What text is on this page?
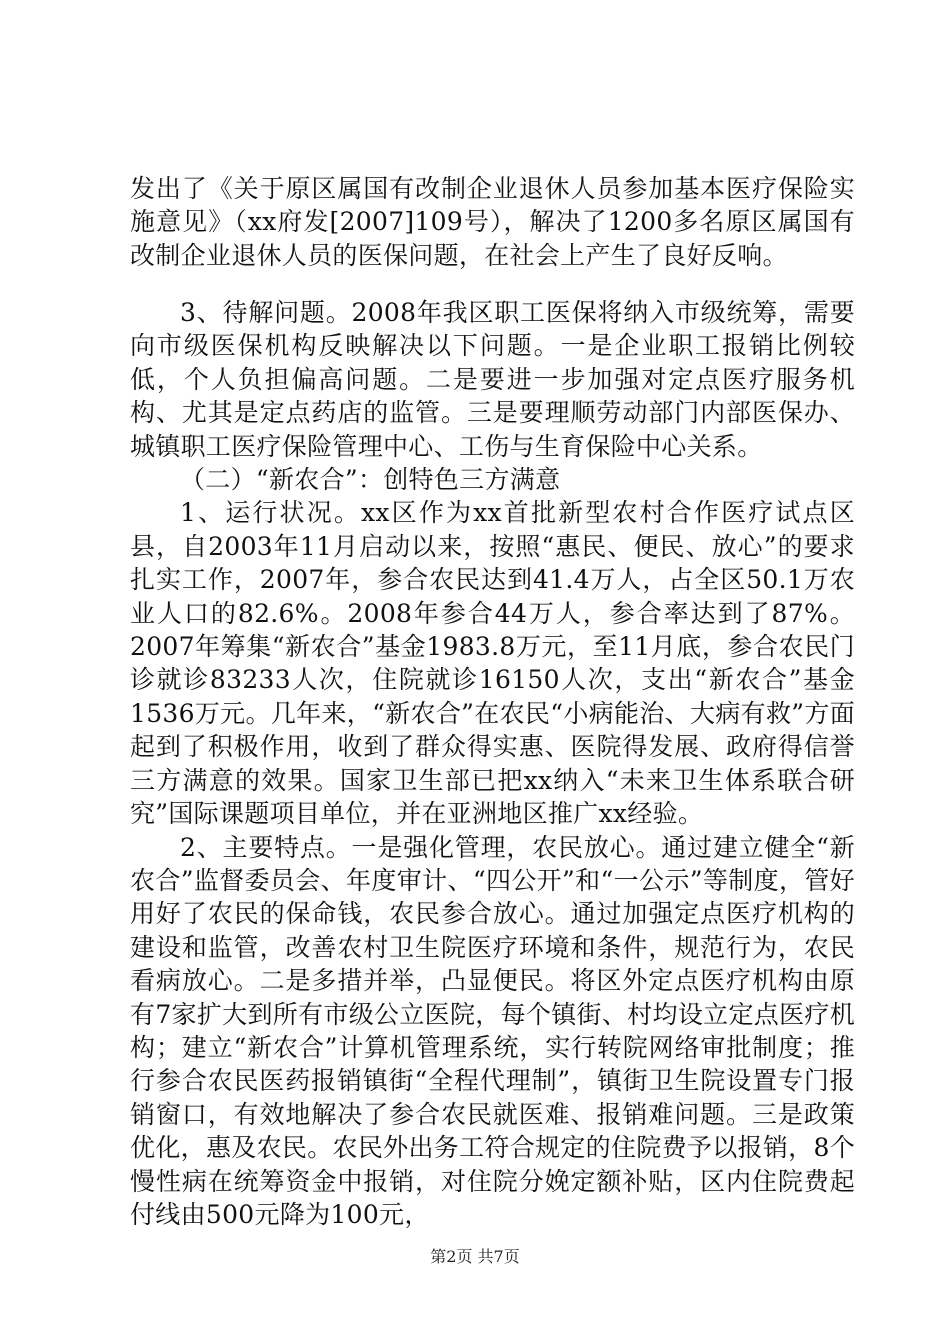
发出了《关于原区属国有改制企业退休人员参加基本医疗保险实施意见》（xx府发[2007]109号），解决了1200多名原区属国有改制企业退休人员的医保问题，在社会上产生了良好反响。

3、待解问题。2008年我区职工医保将纳入市级统筹，需要向市级医保机构反映解决以下问题。一是企业职工报销比例较低，个人负担偏高问题。二是要进一步加强对定点医疗服务机构、尤其是定点药店的监管。三是要理顺劳动部门内部医保办、城镇职工医疗保险管理中心、工伤与生育保险中心关系。

（二）“新农合”：创特色三方满意

1、运行状况。xx区作为xx首批新型农村合作医疗试点区县，自2003年11月启动以来，按照“惠民、便民、放心”的要求扎实工作，2007年，参合农民达到41.4万人，占全区50.1万农业人口的82.6%。2008年参合44万人，参合率达到了87%。2007年筹集“新农合”基金1983.8万元，至11月底，参合农民门诊就诊83233人次，住院就诊16150人次，支出“新农合”基金1536万元。几年来，“新农合”在农民“小病能治、大病有救”方面起到了积极作用，收到了群众得实惠、医院得发展、政府得信誉三方满意的效果。国家卫生部已把xx纳入“未来卫生体系联合研究”国际课题项目单位，并在亚洲地区推广xx经验。

2、主要特点。一是强化管理，农民放心。通过建立健全“新农合”监督委员会、年度审计、“四公开”和“一公示”等制度，管好用好了农民的保命钱，农民参合放心。通过加强定点医疗机构的建设和监管，改善农村卫生院医疗环境和条件，规范行为，农民看病放心。二是多措并举，凸显便民。将区外定点医疗机构由原有7家扩大到所有市级公立医院，每个镇街、村均设立定点医疗机构；建立“新农合”计算机管理系统，实行转院网络审批制度；推行参合农民医药报销镇街“全程代理制”，镇街卫生院设置专门报销窗口，有效地解决了参合农民就医难、报销难问题。三是政策优化，惠及农民。农民外出务工符合规定的住院费予以报销，8个慢性病在统筹资金中报销，对住院分娩定额补贴，区内住院费起付线由500元降为100元，

第2页 共7页
